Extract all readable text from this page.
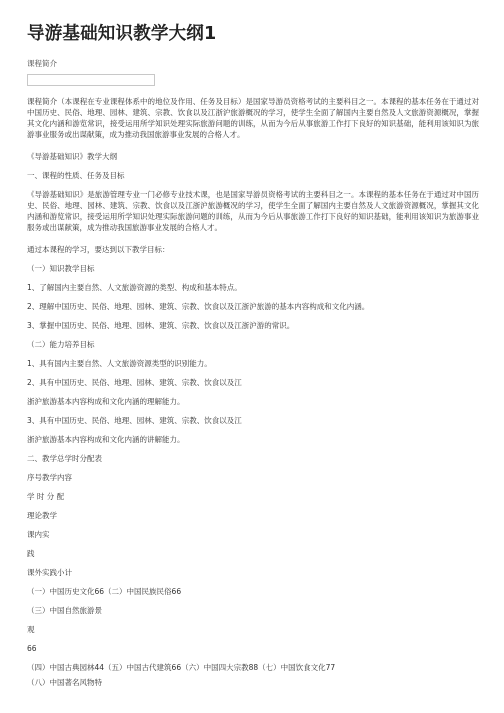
导游基础知识教学大纲1
课程简介

课程简介（本课程在专业课程体系中的地位及作用、任务及目标）是国家导游员资格考试的主要科目之一。本课程的基本任务在于通过对中国历史、民俗、地理、园林、建筑、宗教、饮食以及江浙沪旅游概况的学习，使学生全面了解国内主要自然及人文旅游资源概况，掌握其文化内涵和游览常识，接受运用所学知识处理实际旅游问题的训练，从而为今后从事旅游工作打下良好的知识基础，能利用该知识为旅游事业服务或出谋献策，成为推动我国旅游事业发展的合格人才。

《导游基础知识》教学大纲

一、课程的性质、任务及目标

《导游基础知识》是旅游管理专业一门必修专业技术课，也是国家导游员资格考试的主要科目之一。本课程的基本任务在于通过对中国历史、民俗、地理、园林、建筑、宗教、饮食以及江浙沪旅游概况的学习，使学生全面了解国内主要自然及人文旅游资源概况，掌握其文化内涵和游览常识，接受运用所学知识处理实际旅游问题的训练，从而为今后从事旅游工作打下良好的知识基础，能利用该知识为旅游事业服务或出谋献策，成为推动我国旅游事业发展的合格人才。

通过本课程的学习，要达到以下教学目标：

（一）知识教学目标

1、了解国内主要自然、人文旅游资源的类型、构成和基本特点。

2、理解中国历史、民俗、地理、园林、建筑、宗教、饮食以及江浙沪旅游的基本内容构成和文化内涵。

3、掌握中国历史、民俗、地理、园林、建筑、宗教、饮食以及江浙沪游的常识。

（二）能力培养目标

1、具有国内主要自然、人文旅游资源类型的识别能力。

2、具有中国历史、民俗、地理、园林、建筑、宗教、饮食以及江

浙沪旅游基本内容构成和文化内涵的理解能力。

3、具有中国历史、民俗、地理、园林、建筑、宗教、饮食以及江

浙沪旅游基本内容构成和文化内涵的讲解能力。

二、教学总学时分配表

序号教学内容

学 时 分 配

理论教学

课内实

践

课外实践小计

（一）中国历史文化66（二）中国民族民俗66

（三）中国自然旅游景

观

66

（四）中国古典园林44（五）中国古代建筑66（六）中国四大宗教88（七）中国饮食文化77

（八）中国著名风物特
